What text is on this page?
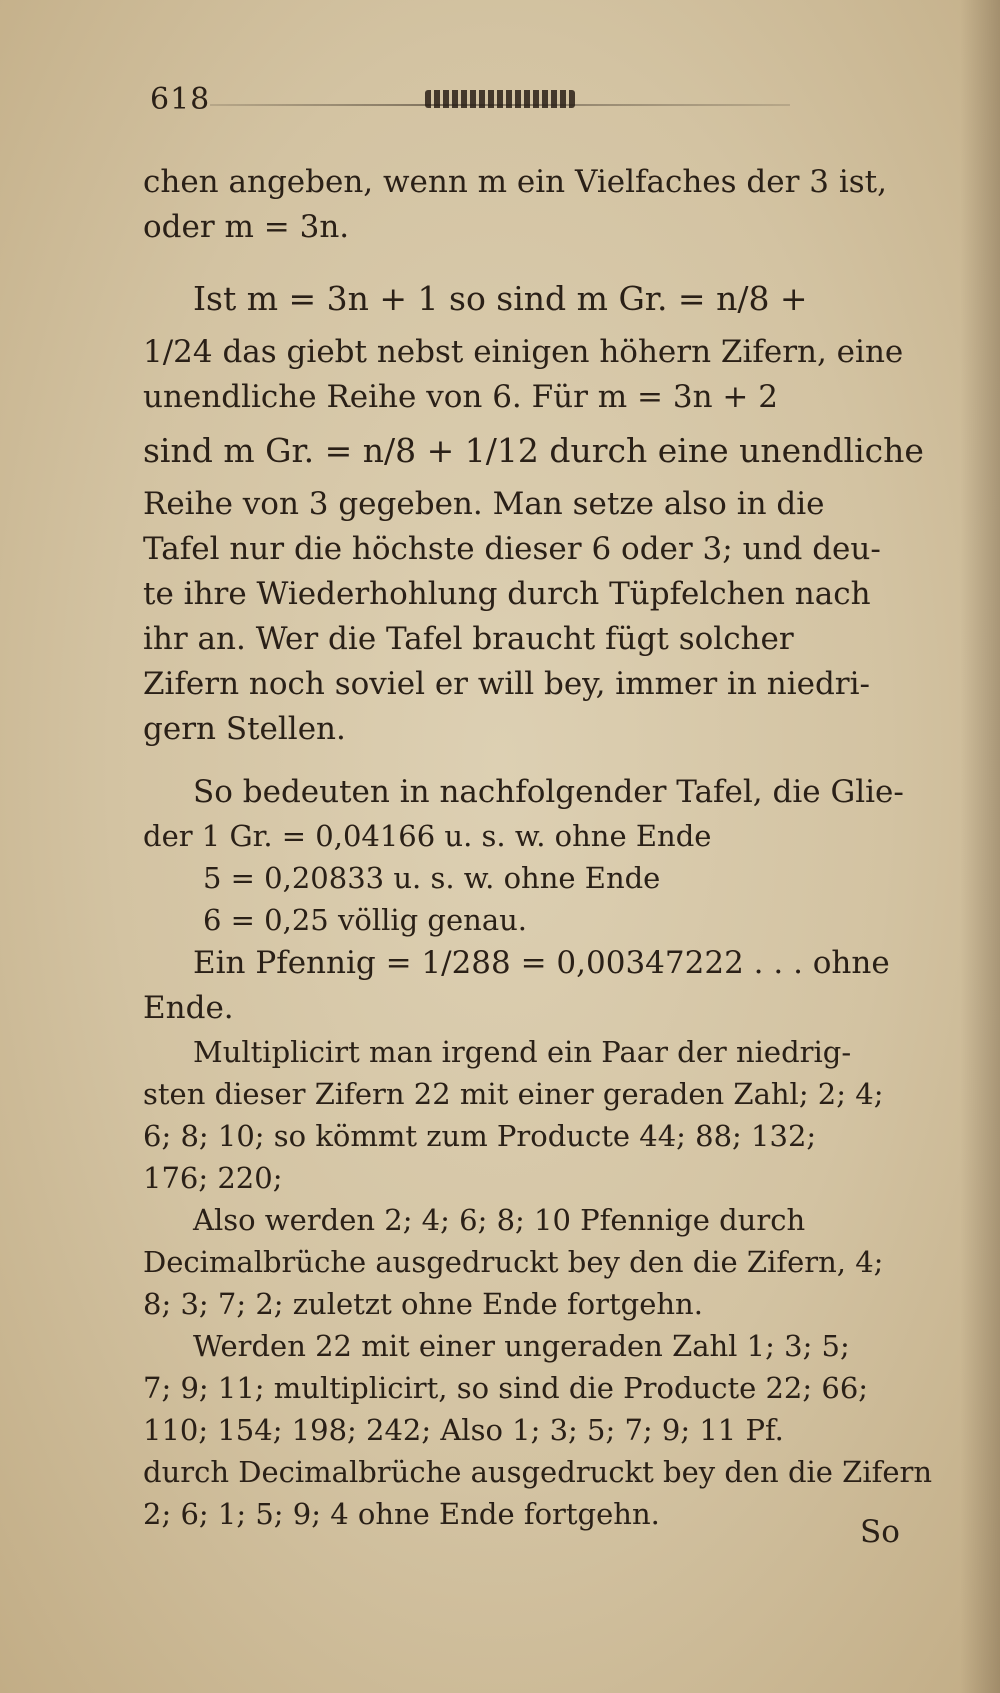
618
chen angeben, wenn m ein Vielfaches der 3 ist,
oder m = 3n.
Ist m = 3n + 1 so sind m Gr. = n/8 +
1/24 das giebt nebst einigen höhern Zifern, eine
unendliche Reihe von 6. Für m = 3n + 2
sind m Gr. = n/8 + 1/12 durch eine unendliche
Reihe von 3 gegeben. Man setze also in die
Tafel nur die höchste dieser 6 oder 3; und deu-
te ihre Wiederhohlung durch Tüpfelchen nach
ihr an. Wer die Tafel braucht fügt solcher
Zifern noch soviel er will bey, immer in niedri-
gern Stellen.
So bedeuten in nachfolgender Tafel, die Glie-
der 1 Gr. = 0,04166 u. s. w. ohne Ende
5 = 0,20833 u. s. w. ohne Ende
6 = 0,25 völlig genau.
Ein Pfennig = 1/288 = 0,00347222 . . . ohne
Ende.
Multiplicirt man irgend ein Paar der niedrig-
sten dieser Zifern 22 mit einer geraden Zahl; 2; 4;
6; 8; 10; so kömmt zum Producte 44; 88; 132;
176; 220;
Also werden 2; 4; 6; 8; 10 Pfennige durch
Decimalbrüche ausgedruckt bey den die Zifern, 4;
8; 3; 7; 2; zuletzt ohne Ende fortgehn.
Werden 22 mit einer ungeraden Zahl 1; 3; 5;
7; 9; 11; multiplicirt, so sind die Producte 22; 66;
110; 154; 198; 242; Also 1; 3; 5; 7; 9; 11 Pf.
durch Decimalbrüche ausgedruckt bey den die Zifern
2; 6; 1; 5; 9; 4 ohne Ende fortgehn.	So
